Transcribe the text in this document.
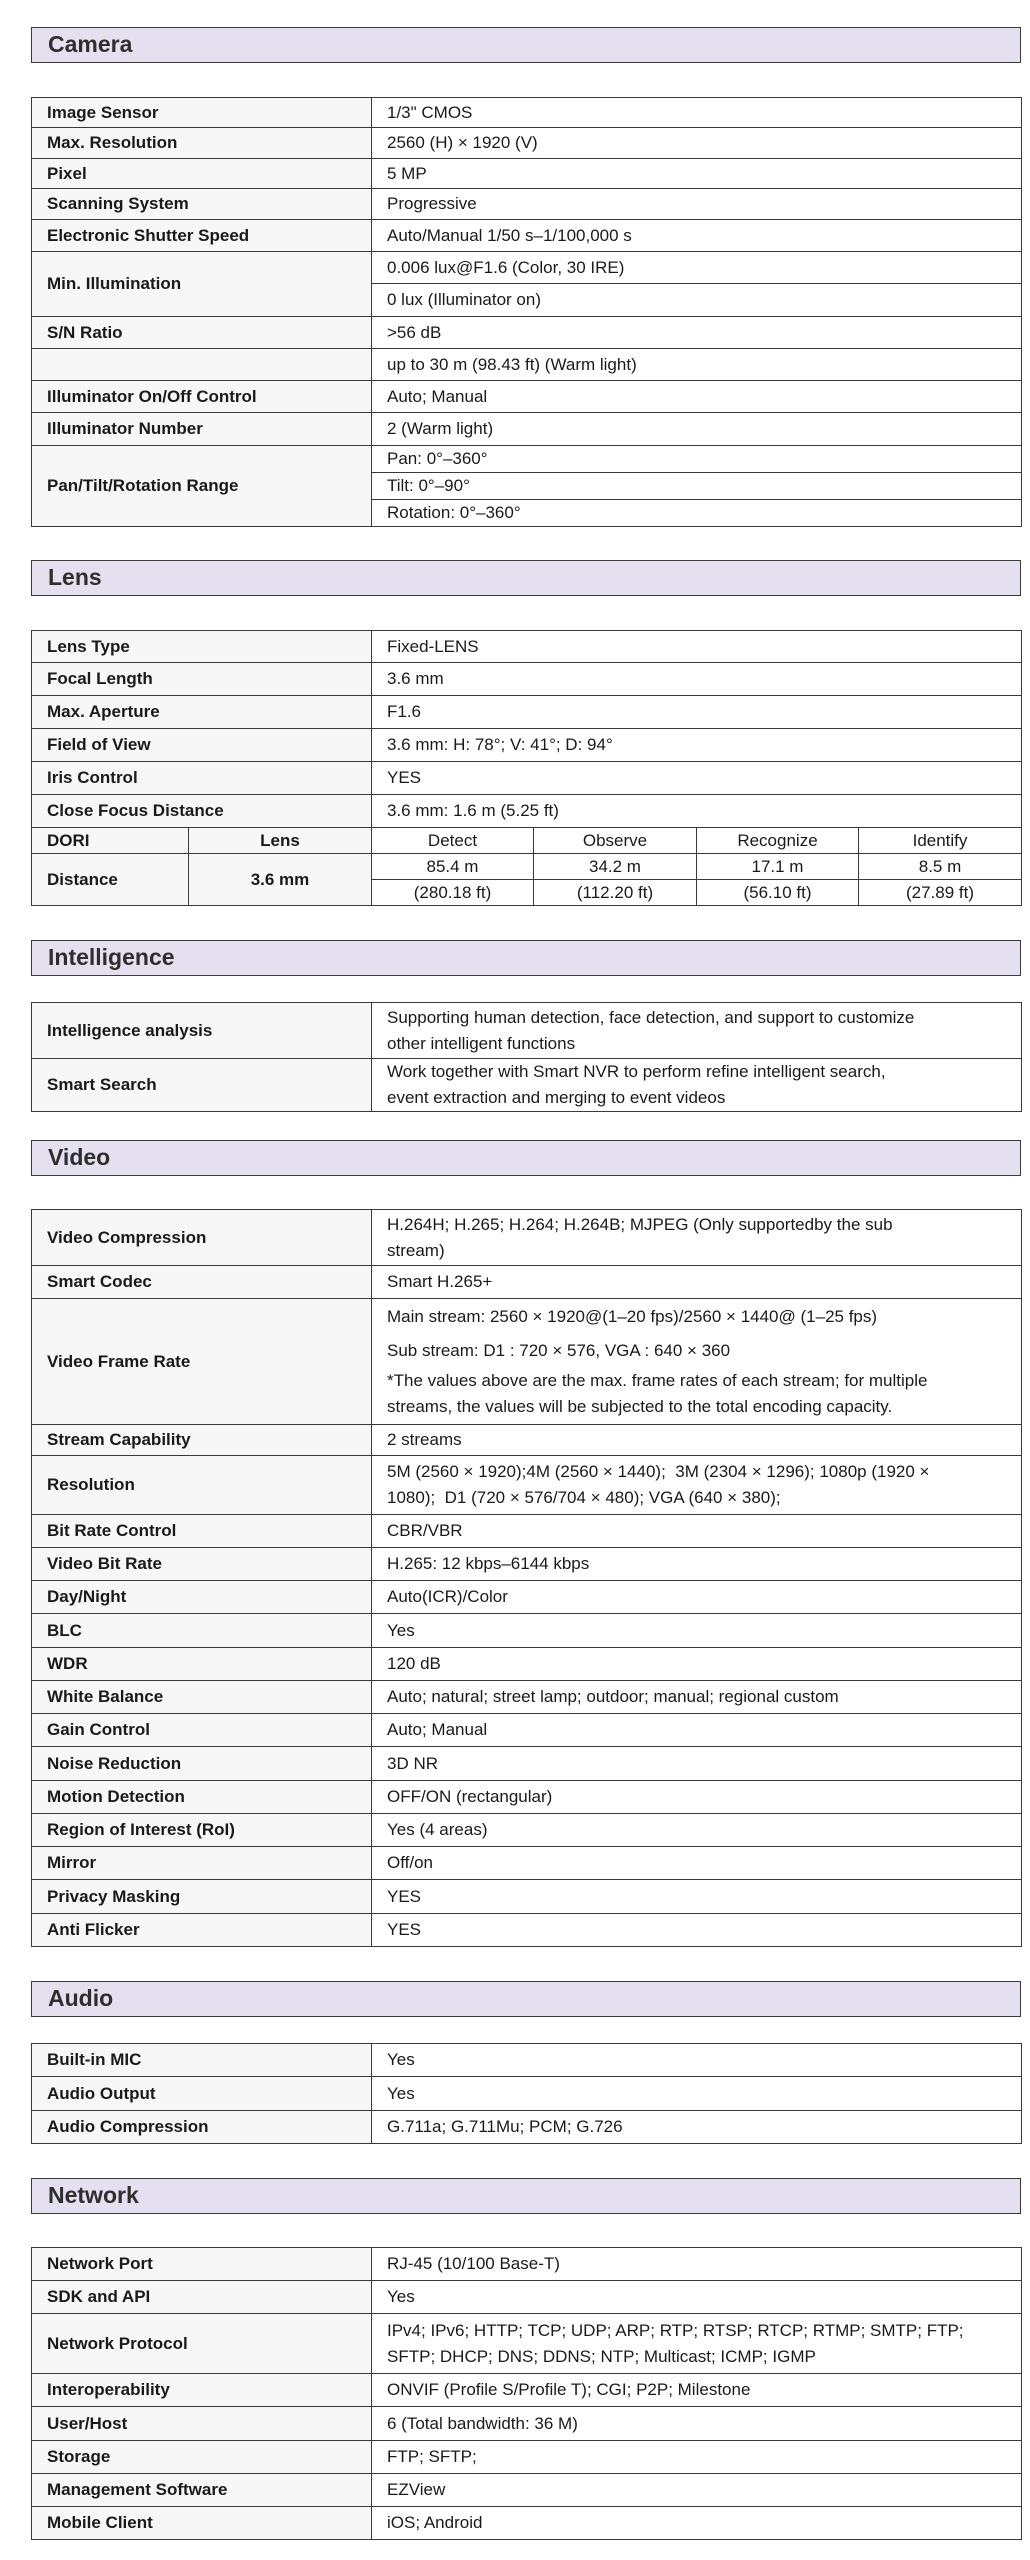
Camera
Image Sensor	1/3" CMOS
Max. Resolution	2560 (H) × 1920 (V)
Pixel	5 MP
Scanning System	Progressive
Electronic Shutter Speed	Auto/Manual 1/50 s–1/100,000 s
Min. Illumination	0.006 lux@F1.6 (Color, 30 IRE)
	0 lux (Illuminator on)
S/N Ratio	>56 dB
	up to 30 m (98.43 ft) (Warm light)
Illuminator On/Off Control	Auto; Manual
Illuminator Number	2 (Warm light)
Pan/Tilt/Rotation Range	Pan: 0°–360°
	Tilt: 0°–90°
	Rotation: 0°–360°
Lens
Lens Type		Fixed-LENS			
Focal Length		3.6 mm			
Max. Aperture		F1.6			
Field of View		3.6 mm: H: 78°; V: 41°; D: 94°			
Iris Control		YES			
Close Focus Distance		3.6 mm: 1.6 m (5.25 ft)			
DORI	Lens	Detect	Observe	Recognize	Identify
Distance	3.6 mm	85.4 m	34.2 m	17.1 m	8.5 m
		(280.18 ft)	(112.20 ft)	(56.10 ft)	(27.89 ft)
Intelligence
Intelligence analysis	Supporting human detection, face detection, and support to customize
other intelligent functions

Smart Search	Work together with Smart NVR to perform refine intelligent search,
event extraction and merging to event videos
Video
Video Compression	H.264H; H.265; H.264; H.264B; MJPEG (Only supportedby the sub
stream)

Smart Codec	Smart H.265+
Video Frame Rate	Main stream: 2560 × 1920@(1–20 fps)/2560 × 1440@ (1–25 fps)
Sub stream: D1 : 720 × 576, VGA : 640 × 360
*The values above are the max. frame rates of each stream; for multiple
streams, the values will be subjected to the total encoding capacity.

Stream Capability	2 streams
Resolution	5M (2560 × 1920);4M (2560 × 1440);  3M (2304 × 1296); 1080p (1920 ×
1080);  D1 (720 × 576/704 × 480); VGA (640 × 380);

Bit Rate Control	CBR/VBR
Video Bit Rate	H.265: 12 kbps–6144 kbps
Day/Night	Auto(ICR)/Color
BLC	Yes
WDR	120 dB
White Balance	Auto; natural; street lamp; outdoor; manual; regional custom
Gain Control	Auto; Manual
Noise Reduction	3D NR
Motion Detection	OFF/ON (rectangular)
Region of Interest (RoI)	Yes (4 areas)
Mirror	Off/on
Privacy Masking	YES
Anti Flicker	YES
Audio
Built-in MIC	Yes
Audio Output	Yes
Audio Compression	G.711a; G.711Mu; PCM; G.726
Network
Network Port	RJ-45 (10/100 Base-T)
SDK and API	Yes
Network Protocol	IPv4; IPv6; HTTP; TCP; UDP; ARP; RTP; RTSP; RTCP; RTMP; SMTP; FTP;
SFTP; DHCP; DNS; DDNS; NTP; Multicast; ICMP; IGMP

Interoperability	ONVIF (Profile S/Profile T); CGI; P2P; Milestone
User/Host	6 (Total bandwidth: 36 M)
Storage	FTP; SFTP;
Management Software	EZView
Mobile Client	iOS; Android
